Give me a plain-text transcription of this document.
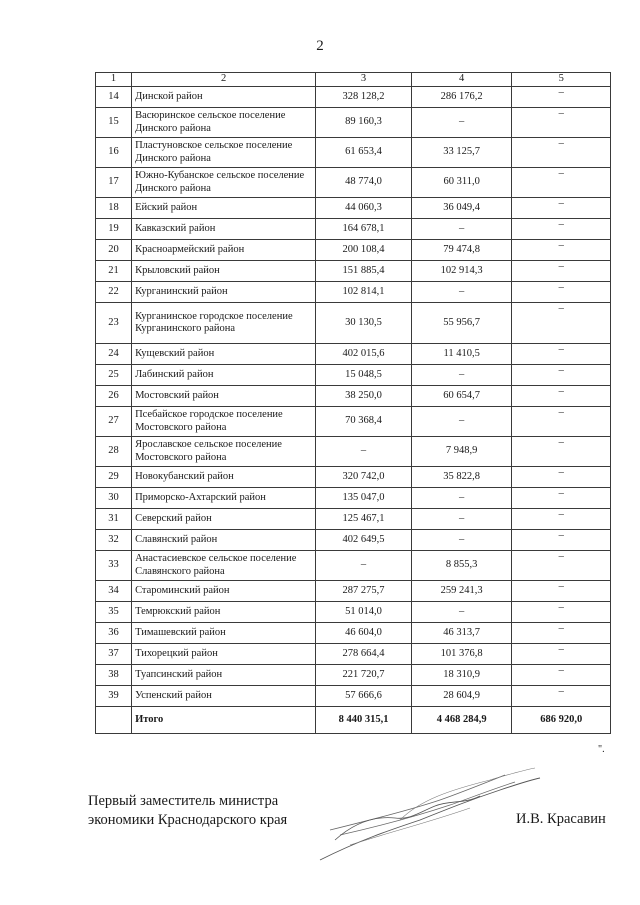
2
1	2	3	4	5
14	Динской район	328 128,2	286 176,2	–
15	Васюринское сельское поселение Динского района	89 160,3	–	–
16	Пластуновское сельское поселение Динского района	61 653,4	33 125,7	–
17	Южно-Кубанское сельское поселение Динского района	48 774,0	60 311,0	–
18	Ейский район	44 060,3	36 049,4	–
19	Кавказский район	164 678,1	–	–
20	Красноармейский район	200 108,4	79 474,8	–
21	Крыловский район	151 885,4	102 914,3	–
22	Курганинский район	102 814,1	–	–
23	Курганинское городское поселение Курганинского района	30 130,5	55 956,7	–
24	Кущевский район	402 015,6	11 410,5	–
25	Лабинский район	15 048,5	–	–
26	Мостовский район	38 250,0	60 654,7	–
27	Псебайское городское поселение Мостовского района	70 368,4	–	–
28	Ярославское сельское поселение Мостовского района	–	7 948,9	–
29	Новокубанский район	320 742,0	35 822,8	–
30	Приморско-Ахтарский район	135 047,0	–	–
31	Северский район	125 467,1	–	–
32	Славянский район	402 649,5	–	–
33	Анастасиевское сельское поселение Славянского района	–	8 855,3	–
34	Староминский район	287 275,7	259 241,3	–
35	Темрюкский район	51 014,0	–	–
36	Тимашевский район	46 604,0	46 313,7	–
37	Тихорецкий район	278 664,4	101 376,8	–
38	Туапсинский район	221 720,7	18 310,9	–
39	Успенский район	57 666,6	28 604,9	–
	Итого	8 440 315,1	4 468 284,9	686 920,0
".
Первый заместитель министра
экономики Краснодарского края	И.В. Красавин
